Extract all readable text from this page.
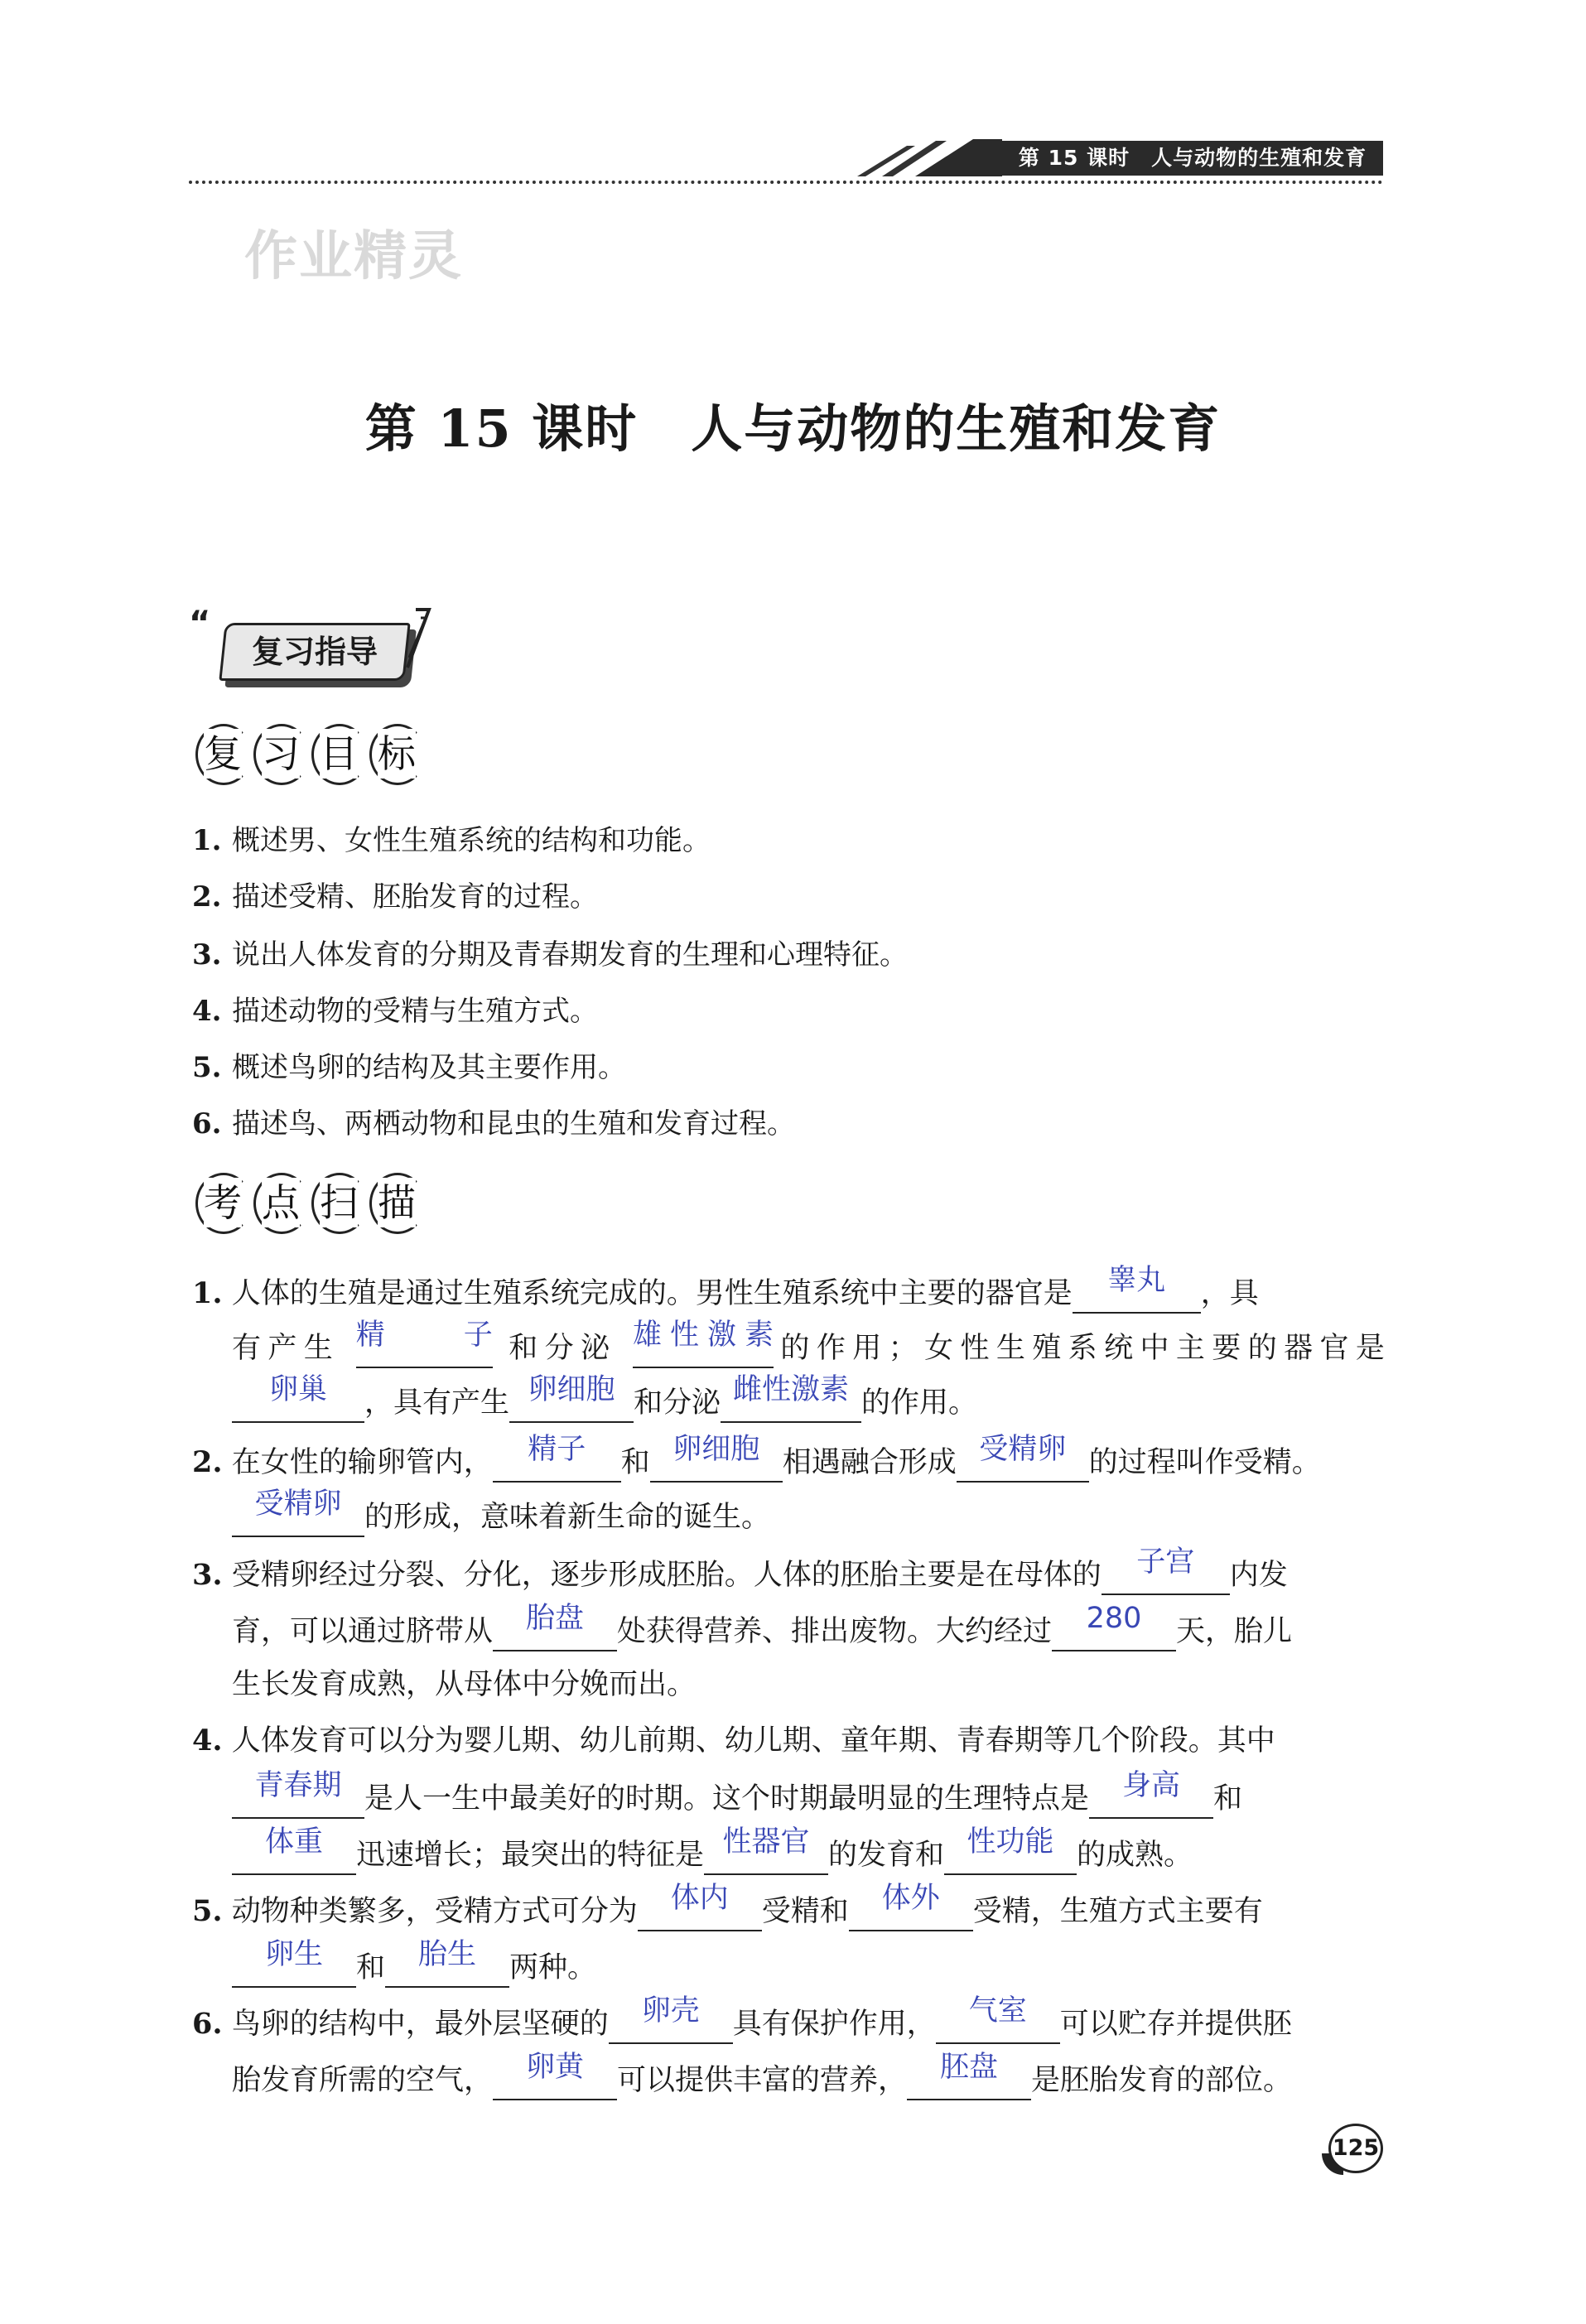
第 15 课时　人与动物的生殖和发育
作业精灵
第 15 课时　人与动物的生殖和发育
“
复习指导
复 习 目 标
1. 概述男、女性生殖系统的结构和功能。
2. 描述受精、胚胎发育的过程。
3. 说出人体发育的分期及青春期发育的生理和心理特征。
4. 描述动物的受精与生殖方式。
5. 概述鸟卵的结构及其主要作用。
6. 描述鸟、两栖动物和昆虫的生殖和发育过程。
考 点 扫 描
1. 人体的生殖是通过生殖系统完成的。男性生殖系统中主要的器官是	睾丸	，具
有产生 精子 和分泌 雄性激素 的作用；女性生殖系统中主要的器官是
卵巢	，具有产生 卵细胞 和分泌 雌性激素 的作用。
2. 在女性的输卵管内，	精子	和 卵细胞 相遇融合形成 受精卵 的过程叫作受精。
受精卵 的形成，意味着新生命的诞生。
3. 受精卵经过分裂、分化，逐步形成胚胎。人体的胚胎主要是在母体的	子宫	内发
育，可以通过脐带从	胎盘	处获得营养、排出废物。大约经过	280	天，胎儿
生长发育成熟，从母体中分娩而出。
4. 人体发育可以分为婴儿期、幼儿前期、幼儿期、童年期、青春期等几个阶段。其中
青春期 是人一生中最美好的时期。这个时期最明显的生理特点是	身高	和
体重	迅速增长；最突出的特征是 性器官 的发育和 性功能 的成熟。
5. 动物种类繁多，受精方式可分为	体内	受精和	体外	受精，生殖方式主要有
卵生	和	胎生	两种。
6. 鸟卵的结构中，最外层坚硬的	卵壳	具有保护作用，	气室	可以贮存并提供胚
胎发育所需的空气，	卵黄	可以提供丰富的营养，	胚盘	是胚胎发育的部位。
125
